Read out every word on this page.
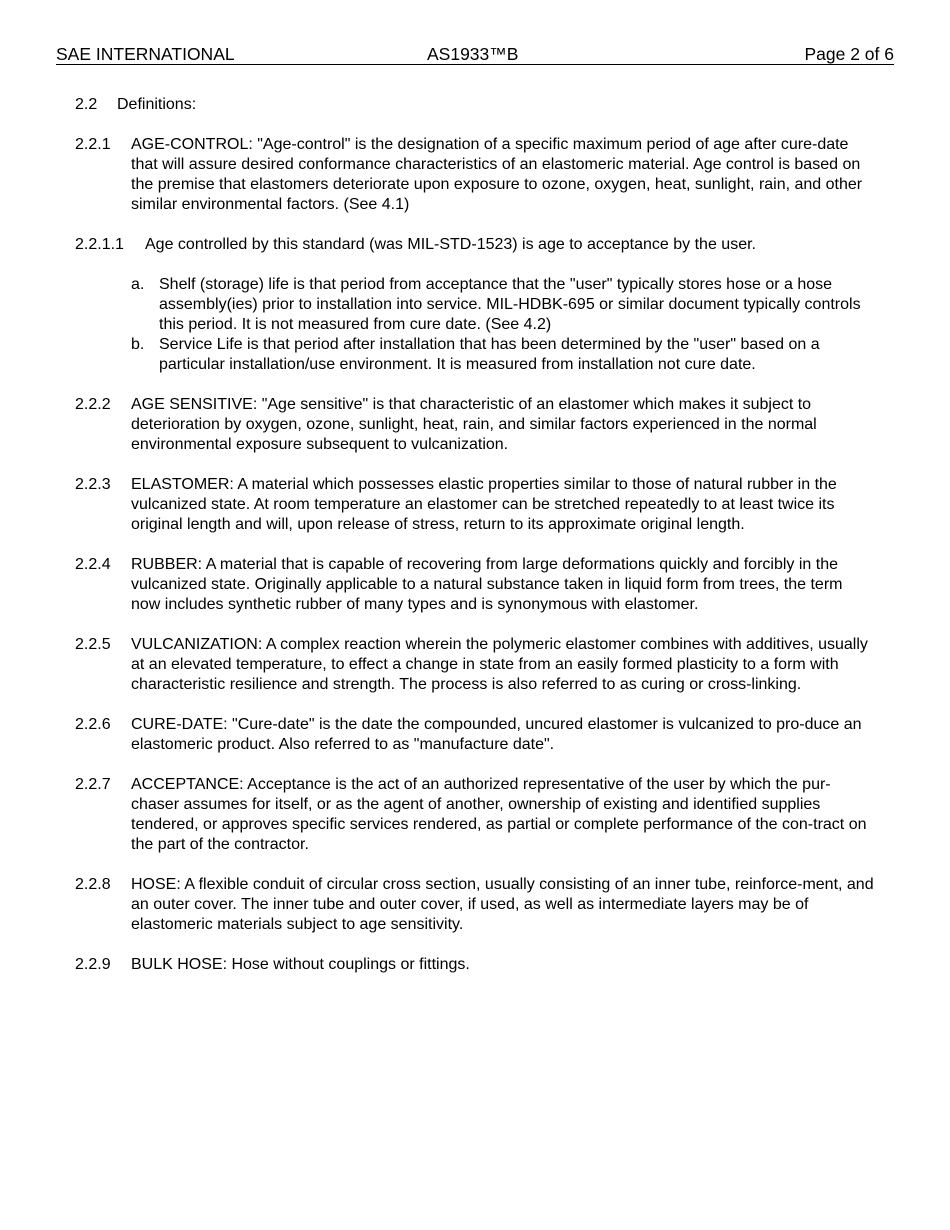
SAE INTERNATIONAL	AS1933™B	Page 2 of 6
2.2	Definitions:
2.2.1	AGE-CONTROL: "Age-control" is the designation of a specific maximum period of age after cure-date that will assure desired conformance characteristics of an elastomeric material. Age control is based on the premise that elastomers deteriorate upon exposure to ozone, oxygen, heat, sunlight, rain, and other similar environmental factors. (See 4.1)
2.2.1.1	Age controlled by this standard (was MIL-STD-1523) is age to acceptance by the user.
a. Shelf (storage) life is that period from acceptance that the "user" typically stores hose or a hose assembly(ies) prior to installation into service. MIL-HDBK-695 or similar document typically controls this period. It is not measured from cure date. (See 4.2)
b. Service Life is that period after installation that has been determined by the "user" based on a particular installation/use environment. It is measured from installation not cure date.
2.2.2	AGE SENSITIVE: "Age sensitive" is that characteristic of an elastomer which makes it subject to deterioration by oxygen, ozone, sunlight, heat, rain, and similar factors experienced in the normal environmental exposure subsequent to vulcanization.
2.2.3	ELASTOMER: A material which possesses elastic properties similar to those of natural rubber in the vulcanized state. At room temperature an elastomer can be stretched repeatedly to at least twice its original length and will, upon release of stress, return to its approximate original length.
2.2.4	RUBBER: A material that is capable of recovering from large deformations quickly and forcibly in the vulcanized state. Originally applicable to a natural substance taken in liquid form from trees, the term now includes synthetic rubber of many types and is synonymous with elastomer.
2.2.5	VULCANIZATION: A complex reaction wherein the polymeric elastomer combines with additives, usually at an elevated temperature, to effect a change in state from an easily formed plasticity to a form with characteristic resilience and strength. The process is also referred to as curing or cross-linking.
2.2.6	CURE-DATE: "Cure-date" is the date the compounded, uncured elastomer is vulcanized to pro-duce an elastomeric product. Also referred to as "manufacture date".
2.2.7	ACCEPTANCE: Acceptance is the act of an authorized representative of the user by which the pur-chaser assumes for itself, or as the agent of another, ownership of existing and identified supplies tendered, or approves specific services rendered, as partial or complete performance of the con-tract on the part of the contractor.
2.2.8	HOSE: A flexible conduit of circular cross section, usually consisting of an inner tube, reinforce-ment, and an outer cover. The inner tube and outer cover, if used, as well as intermediate layers may be of elastomeric materials subject to age sensitivity.
2.2.9	BULK HOSE: Hose without couplings or fittings.
